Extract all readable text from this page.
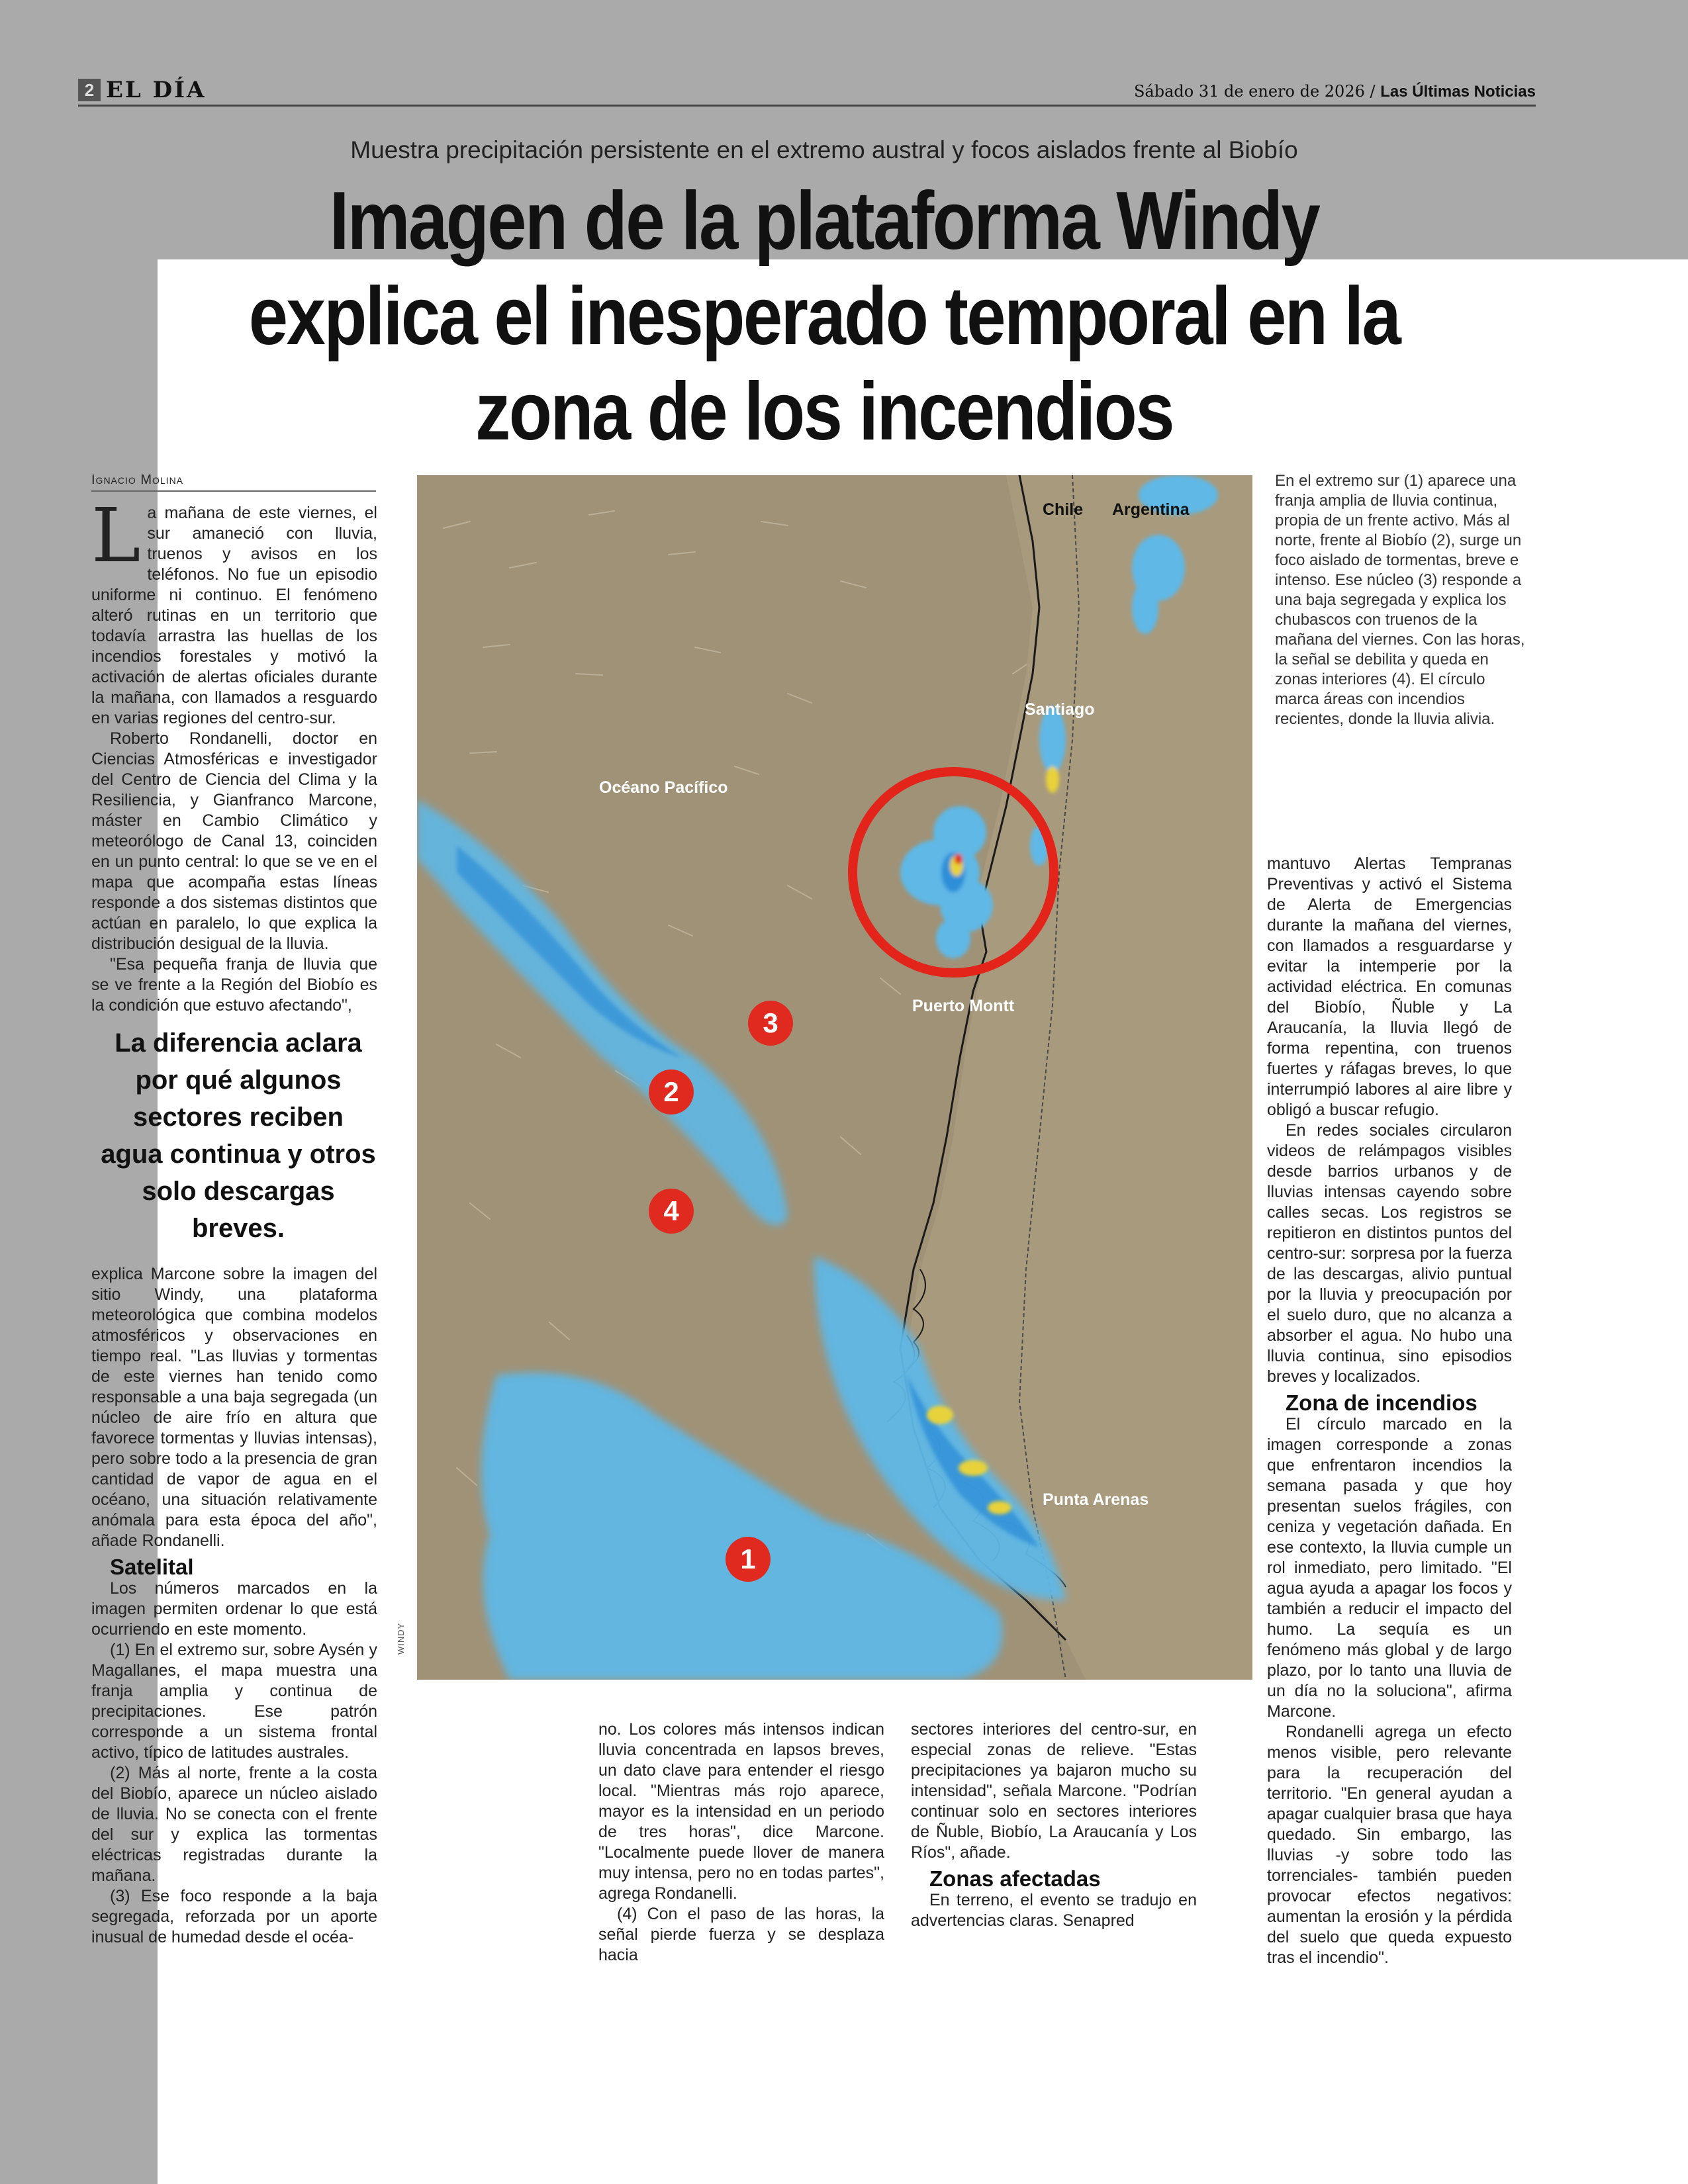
2 EL DÍA	Sábado 31 de enero de 2026 / Las Últimas Noticias
Muestra precipitación persistente en el extremo austral y focos aislados frente al Biobío
Imagen de la plataforma Windy explica el inesperado temporal en la zona de los incendios
Ignacio Molina

La mañana de este viernes, el sur amaneció con lluvia, truenos y avisos en los teléfonos. No fue un episodio uniforme ni continuo. El fenómeno alteró rutinas en un territorio que todavía arrastra las huellas de los incendios forestales y motivó la activación de alertas oficiales durante la mañana, con llamados a resguardo en varias regiones del centro-sur.

Roberto Rondanelli, doctor en Ciencias Atmosféricas e investigador del Centro de Ciencia del Clima y la Resiliencia, y Gianfranco Marcone, máster en Cambio Climático y meteorólogo de Canal 13, coinciden en un punto central: lo que se ve en el mapa que acompaña estas líneas responde a dos sistemas distintos que actúan en paralelo, lo que explica la distribución desigual de la lluvia.

"Esa pequeña franja de lluvia que se ve frente a la Región del Biobío es la condición que estuvo afectando",

La diferencia aclara por qué algunos sectores reciben agua continua y otros solo descargas breves.

explica Marcone sobre la imagen del sitio Windy, una plataforma meteorológica que combina modelos atmosféricos y observaciones en tiempo real. "Las lluvias y tormentas de este viernes han tenido como responsable a una baja segregada (un núcleo de aire frío en altura que favorece tormentas y lluvias intensas), pero sobre todo a la presencia de gran cantidad de vapor de agua en el océano, una situación relativamente anómala para esta época del año", añade Rondanelli.

Satelital

Los números marcados en la imagen permiten ordenar lo que está ocurriendo en este momento.

(1) En el extremo sur, sobre Aysén y Magallanes, el mapa muestra una franja amplia y continua de precipitaciones. Ese patrón corresponde a un sistema frontal activo, típico de latitudes australes.

(2) Más al norte, frente a la costa del Biobío, aparece un núcleo aislado de lluvia. No se conecta con el frente del sur y explica las tormentas eléctricas registradas durante la mañana.

(3) Ese foco responde a la baja segregada, reforzada por un aporte inusual de humedad desde el océa-

no. Los colores más intensos indican lluvia concentrada en lapsos breves, un dato clave para entender el riesgo local. "Mientras más rojo aparece, mayor es la intensidad en un periodo de tres horas", dice Marcone. "Localmente puede llover de manera muy intensa, pero no en todas partes", agrega Rondanelli.

(4) Con el paso de las horas, la señal pierde fuerza y se desplaza hacia

sectores interiores del centro-sur, en especial zonas de relieve. "Estas precipitaciones ya bajaron mucho su intensidad", señala Marcone. "Podrían continuar solo en sectores interiores de Ñuble, Biobío, La Araucanía y Los Ríos", añade.

Zonas afectadas

En terreno, el evento se tradujo en advertencias claras. Senapred

mantuvo Alertas Tempranas Preventivas y activó el Sistema de Alerta de Emergencias durante la mañana del viernes, con llamados a resguardarse y evitar la intemperie por la actividad eléctrica. En comunas del Biobío, Ñuble y La Araucanía, la lluvia llegó de forma repentina, con truenos fuertes y ráfagas breves, lo que interrumpió labores al aire libre y obligó a buscar refugio.

En redes sociales circularon videos de relámpagos visibles desde barrios urbanos y de lluvias intensas cayendo sobre calles secas. Los registros se repitieron en distintos puntos del centro-sur: sorpresa por la fuerza de las descargas, alivio puntual por la lluvia y preocupación por el suelo duro, que no alcanza a absorber el agua. No hubo una lluvia continua, sino episodios breves y localizados.

Zona de incendios

El círculo marcado en la imagen corresponde a zonas que enfrentaron incendios la semana pasada y que hoy presentan suelos frágiles, con ceniza y vegetación dañada. En ese contexto, la lluvia cumple un rol inmediato, pero limitado. "El agua ayuda a apagar los focos y también a reducir el impacto del humo. La sequía es un fenómeno más global y de largo plazo, por lo tanto una lluvia de un día no la soluciona", afirma Marcone.

Rondanelli agrega un efecto menos visible, pero relevante para la recuperación del territorio. "En general ayudan a apagar cualquier brasa que haya quedado. Sin embargo, las lluvias -y sobre todo las torrenciales- también pueden provocar efectos negativos: aumentan la erosión y la pérdida del suelo que queda expuesto tras el incendio".

En el extremo sur (1) aparece una franja amplia de lluvia continua, propia de un frente activo. Más al norte, frente al Biobío (2), surge un foco aislado de tormentas, breve e intenso. Ese núcleo (3) responde a una baja segregada y explica los chubascos con truenos de la mañana del viernes. Con las horas, la señal se debilita y queda en zonas interiores (4). El círculo marca áreas con incendios recientes, donde la lluvia alivia.
Chile Argentina
Santiago
Océano Pacífico
Puerto Montt
Punta Arenas
1
2
3
4
WINDY
